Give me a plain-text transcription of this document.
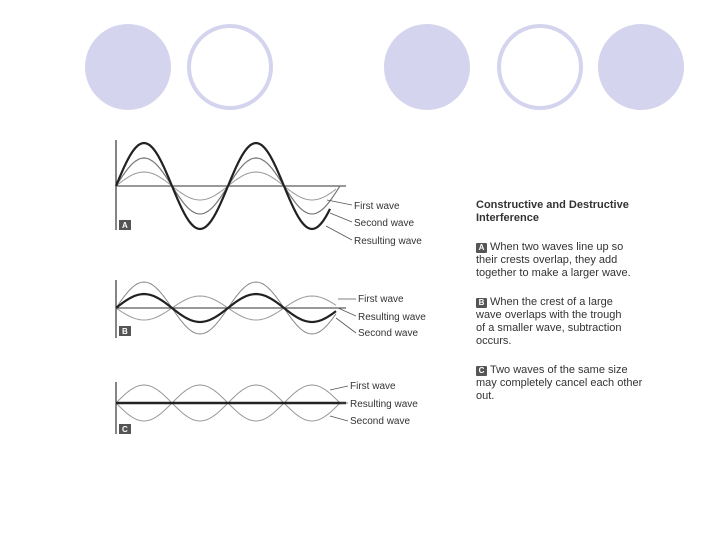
First wave
Second wave
Resulting wave
A
First wave
Resulting wave
Second wave
B
First wave
Resulting wave
Second wave
C
Constructive and Destructive
Interference

A When two waves line up so
their crests overlap, they add
together to make a larger wave.

B When the crest of a large
wave overlaps with the trough
of a smaller wave, subtraction
occurs.

C Two waves of the same size
may completely cancel each other
out.
